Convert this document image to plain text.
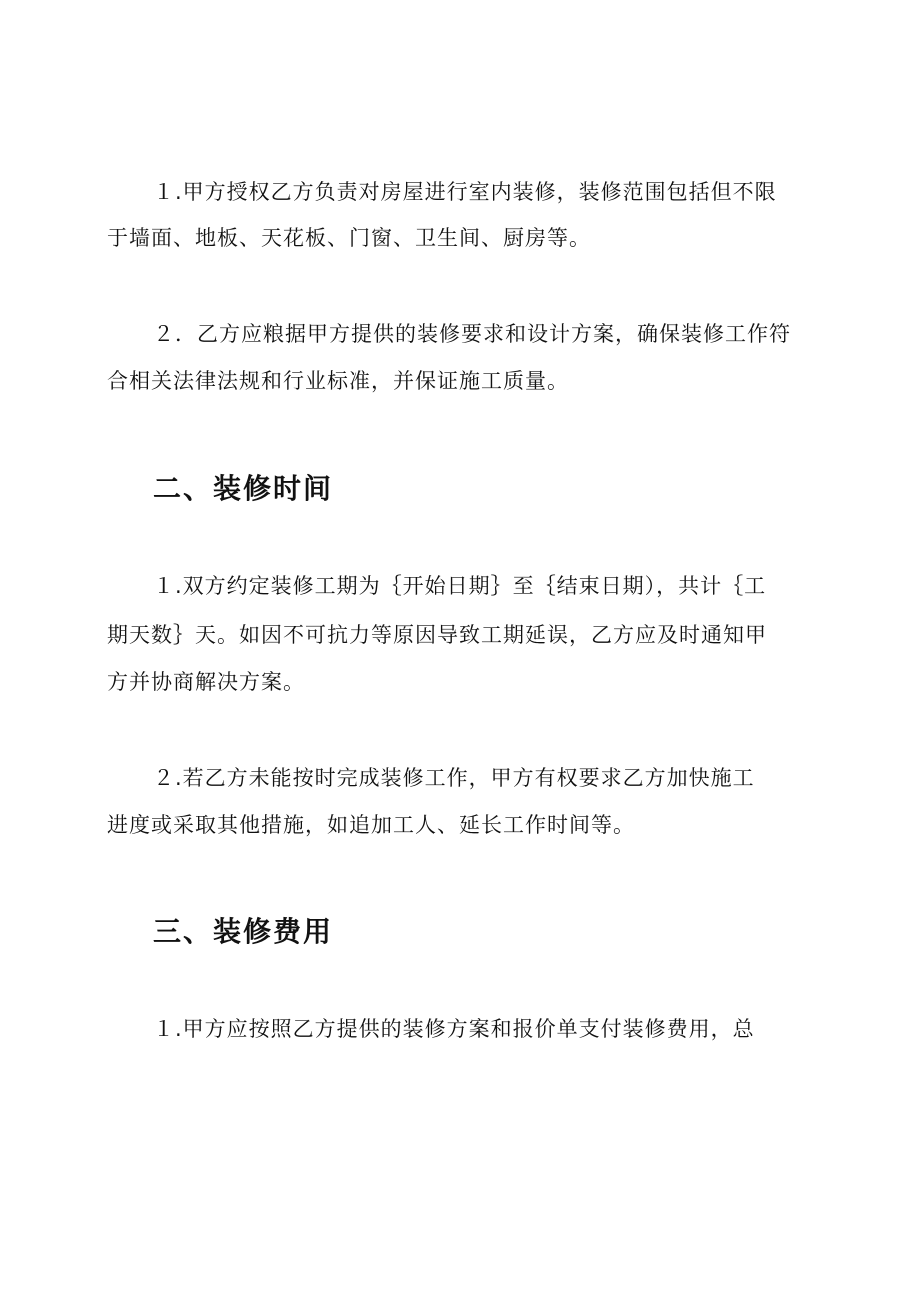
１.甲方授权乙方负责对房屋进行室内装修，装修范围包括但不限
于墙面、地板、天花板、门窗、卫生间、厨房等。
２．乙方应粮据甲方提供的装修要求和设计方案，确保装修工作符
合相关法律法规和行业标准，并保证施工质量。
二、装修时间
１.双方约定装修工期为｛开始日期｝至｛结束日期），共计｛工
期天数｝天。如因不可抗力等原因导致工期延误，乙方应及时通知甲
方并协商解决方案。
２.若乙方未能按时完成装修工作，甲方有权要求乙方加快施工
进度或采取其他措施，如追加工人、延长工作时间等。
三、装修费用
１.甲方应按照乙方提供的装修方案和报价单支付装修费用，总
